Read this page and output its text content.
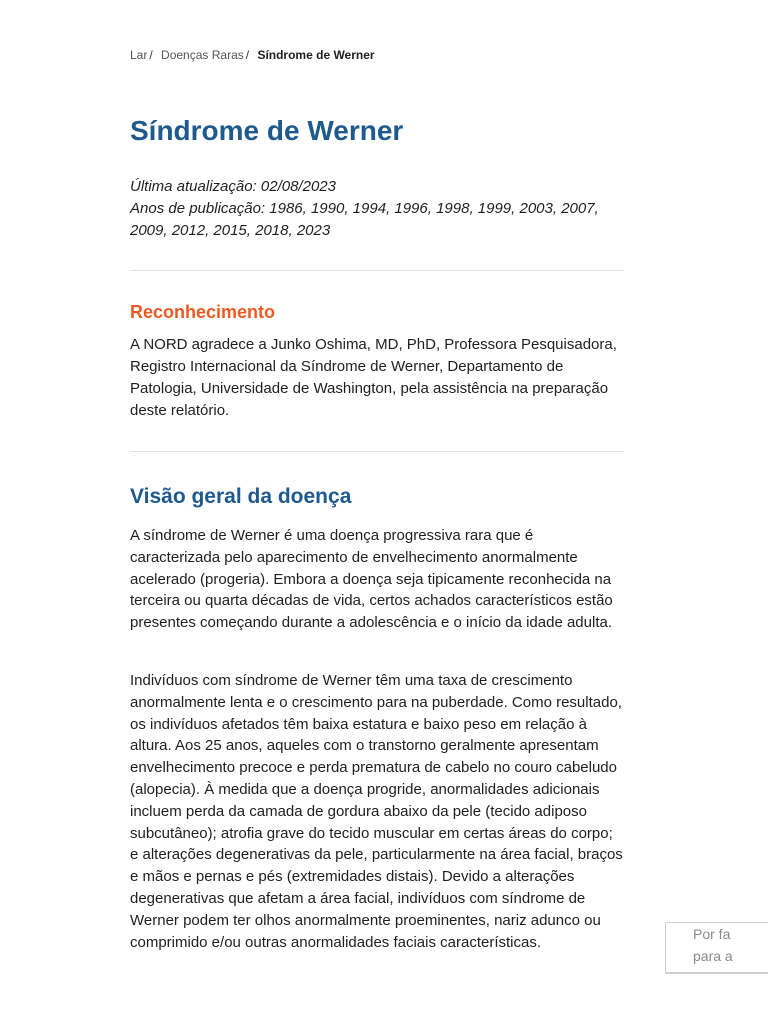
Lar / Doenças Raras / Síndrome de Werner
Síndrome de Werner

Última atualização: 02/08/2023

Anos de publicação: 1986, 1990, 1994, 1996, 1998, 1999, 2003, 2007, 2009, 2012, 2015, 2018, 2023

Reconhecimento

A NORD agradece a Junko Oshima, MD, PhD, Professora Pesquisadora, Registro Internacional da Síndrome de Werner, Departamento de Patologia, Universidade de Washington, pela assistência na preparação deste relatório.

Visão geral da doença

A síndrome de Werner é uma doença progressiva rara que é caracterizada pelo aparecimento de envelhecimento anormalmente acelerado (progeria). Embora a doença seja tipicamente reconhecida na terceira ou quarta décadas de vida, certos achados característicos estão presentes começando durante a adolescência e o início da idade adulta.

Indivíduos com síndrome de Werner têm uma taxa de crescimento anormalmente lenta e o crescimento para na puberdade. Como resultado, os indivíduos afetados têm baixa estatura e baixo peso em relação à altura. Aos 25 anos, aqueles com o transtorno geralmente apresentam envelhecimento precoce e perda prematura de cabelo no couro cabeludo (alopecia). À medida que a doença progride, anormalidades adicionais incluem perda da camada de gordura abaixo da pele (tecido adiposo subcutâneo); atrofia grave do tecido muscular em certas áreas do corpo; e alterações degenerativas da pele, particularmente na área facial, braços e mãos e pernas e pés (extremidades distais). Devido a alterações degenerativas que afetam a área facial, indivíduos com síndrome de Werner podem ter olhos anormalmente proeminentes, nariz adunco ou comprimido e/ou outras anormalidades faciais características.	Por fa
para a
